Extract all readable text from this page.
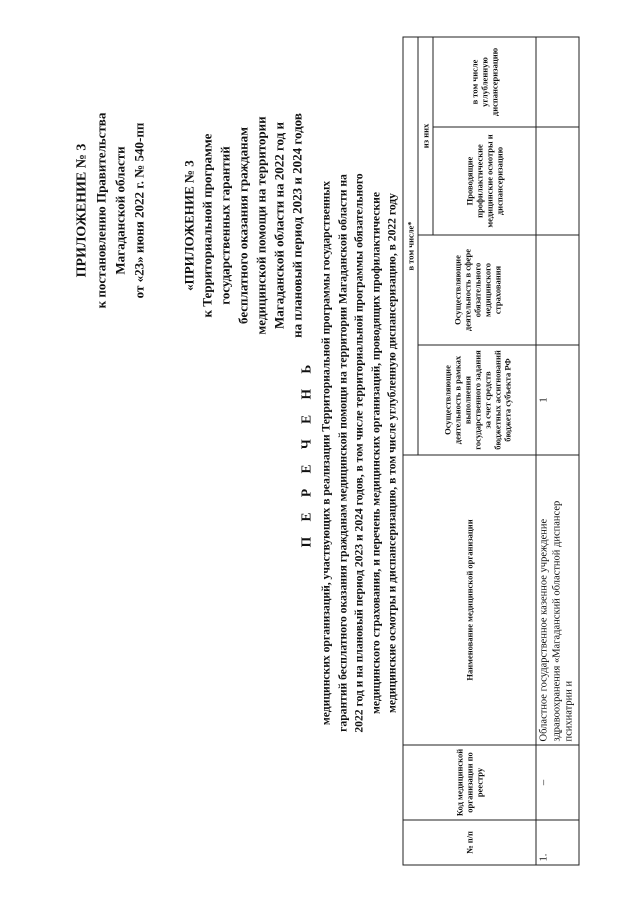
ПРИЛОЖЕНИЕ № 3 к постановлению Правительства Магаданской области от «23» июня 2022 г. № 540-пп	«ПРИЛОЖЕНИЕ № 3 к Территориальной программе государственных гарантий бесплатного оказания гражданам медицинской помощи на территории Магаданской области на 2022 год и на плановый период 2023 и 2024 годов
П Е Р Е Ч Е Н Ь медицинских организаций, участвующих в реализации Территориальной программы государственных гарантий бесплатного оказания гражданам медицинской помощи на территории Магаданской области на 2022 год и на плановый период 2023 и 2024 годов, в том числе территориальной программы обязательного медицинского страхования, и перечень медицинских организаций, проводящих профилактические медицинские осмотры и диспансеризацию, в том числе углубленную диспансеризацию, в 2022 году
№ п/п	Код медицинской организации по реестру	Наименование медицинской организации	в том числе*			
			Осуществляющие деятельность в рамках выполнения государственного задания за счет средств бюджетных ассигнований бюджета субъекта РФ	Осуществляющие деятельность в сфере обязательного медицинского страхования	из них	
					Проводящие профилактические медицинские осмотры и диспансеризацию	в том числе углубленную диспансеризацию
1.	–	Областное государственное казенное учреждение здравоохранения «Магаданский областной диспансер психиатрии и	1			
